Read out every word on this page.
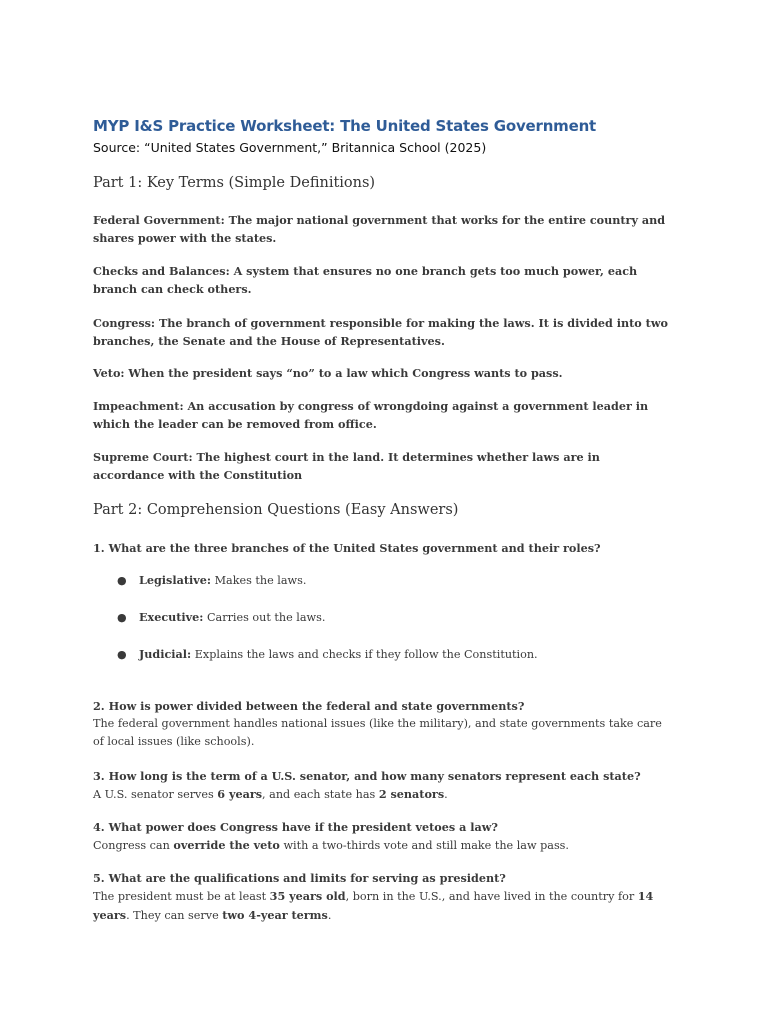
MYP I&S Practice Worksheet: The United States Government
Source: “United States Government,” Britannica School (2025)
Part 1: Key Terms (Simple Definitions)
Federal Government: The major national government that works for the entire country and shares power with the states.
Checks and Balances: A system that ensures no one branch gets too much power, each branch can check others.
Congress: The branch of government responsible for making the laws. It is divided into two branches, the Senate and the House of Representatives.
Veto: When the president says “no” to a law which Congress wants to pass.
Impeachment: An accusation by congress of wrongdoing against a government leader in which the leader can be removed from office.
Supreme Court: The highest court in the land. It determines whether laws are in accordance with the Constitution
Part 2: Comprehension Questions (Easy Answers)
1. What are the three branches of the United States government and their roles?
● Legislative: Makes the laws.
● Executive: Carries out the laws.
● Judicial: Explains the laws and checks if they follow the Constitution.
2. How is power divided between the federal and state governments?
The federal government handles national issues (like the military), and state governments take care of local issues (like schools).
3. How long is the term of a U.S. senator, and how many senators represent each state?
A U.S. senator serves 6 years, and each state has 2 senators.
4. What power does Congress have if the president vetoes a law?
Congress can override the veto with a two-thirds vote and still make the law pass.
5. What are the qualifications and limits for serving as president?
The president must be at least 35 years old, born in the U.S., and have lived in the country for 14 years. They can serve two 4-year terms.
